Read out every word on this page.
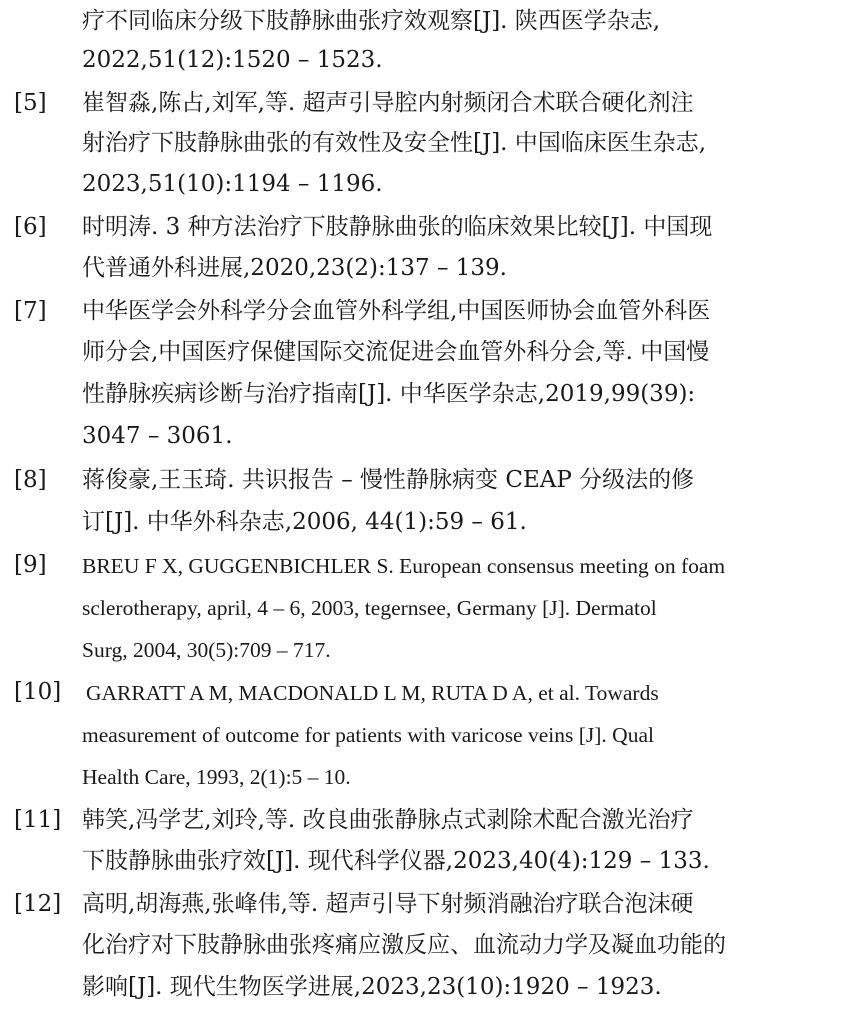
疗不同临床分级下肢静脉曲张疗效观察[J]. 陕西医学杂志,
2022,51(12):1520 – 1523.
[5] 崔智淼,陈占,刘军,等. 超声引导腔内射频闭合术联合硬化剂注
射治疗下肢静脉曲张的有效性及安全性[J]. 中国临床医生杂志,
2023,51(10):1194 – 1196.
[6] 时明涛. 3 种方法治疗下肢静脉曲张的临床效果比较[J]. 中国现
代普通外科进展,2020,23(2):137 – 139.
[7] 中华医学会外科学分会血管外科学组,中国医师协会血管外科医
师分会,中国医疗保健国际交流促进会血管外科分会,等. 中国慢
性静脉疾病诊断与治疗指南[J]. 中华医学杂志,2019,99(39):
3047 – 3061.
[8] 蒋俊豪,王玉琦. 共识报告 – 慢性静脉病变 CEAP 分级法的修
订[J]. 中华外科杂志,2006, 44(1):59 – 61.
[9] BREU F X, GUGGENBICHLER S. European consensus meeting on foam
sclerotherapy, april, 4 – 6, 2003, tegernsee, Germany [J]. Dermatol
Surg, 2004, 30(5):709 – 717.
[10] GARRATT A M, MACDONALD L M, RUTA D A, et al. Towards
measurement of outcome for patients with varicose veins [J]. Qual
Health Care, 1993, 2(1):5 – 10.
[11] 韩笑,冯学艺,刘玲,等. 改良曲张静脉点式剥除术配合激光治疗
下肢静脉曲张疗效[J]. 现代科学仪器,2023,40(4):129 – 133.
[12] 高明,胡海燕,张峰伟,等. 超声引导下射频消融治疗联合泡沫硬
化治疗对下肢静脉曲张疼痛应激反应、血流动力学及凝血功能的
影响[J]. 现代生物医学进展,2023,23(10):1920 – 1923.
